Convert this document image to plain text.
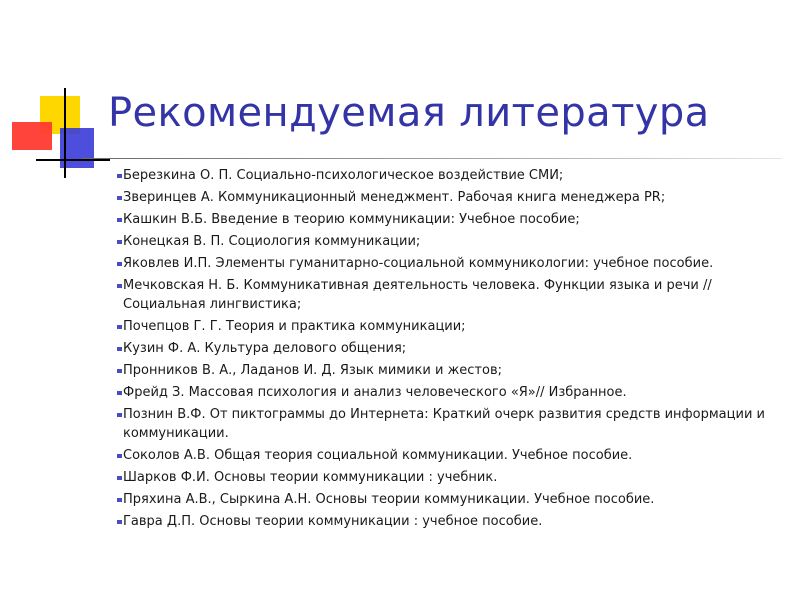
Рекомендуемая литература
Березкина О. П. Социально-психологическое воздействие СМИ;
Зверинцев А. Коммуникационный менеджмент. Рабочая книга менеджера PR;
Кашкин В.Б. Введение в теорию коммуникации: Учебное пособие;
Конецкая В. П. Социология коммуникации;
Яковлев И.П. Элементы гуманитарно-социальной коммуникологии: учебное пособие.
Мечковская Н. Б. Коммуникативная деятельность человека. Функции языка и речи // Социальная лингвистика;
Почепцов Г. Г. Теория и практика коммуникации;
Кузин Ф. А. Культура делового общения;
Пронников В. А., Ладанов И. Д. Язык мимики и жестов;
Фрейд З. Массовая психология и анализ человеческого «Я»// Избранное.
Познин В.Ф. От пиктограммы до Интернета: Краткий очерк развития средств информации и коммуникации.
Соколов А.В. Общая теория социальной коммуникации. Учебное пособие.
Шарков Ф.И. Основы теории коммуникации : учебник.
Пряхина А.В., Сыркина А.Н. Основы теории коммуникации. Учебное пособие.
Гавра Д.П. Основы теории коммуникации : учебное пособие.
